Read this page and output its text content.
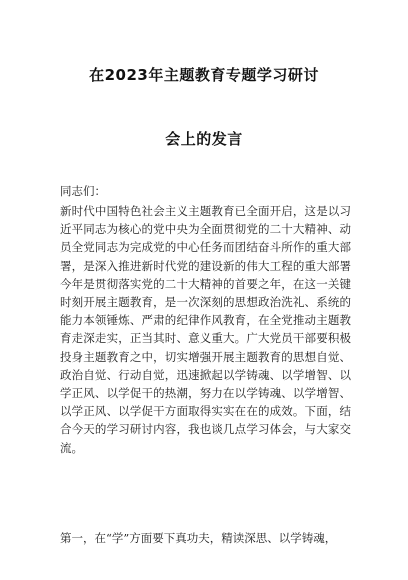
在2023年主题教育专题学习研讨
会上的发言
同志们：

新时代中国特色社会主义主题教育已全面开启，这是以习近平同志为核心的党中央为全面贯彻党的二十大精神、动员全党同志为完成党的中心任务而团结奋斗所作的重大部署，是深入推进新时代党的建设新的伟大工程的重大部署今年是贯彻落实党的二十大精神的首要之年，在这一关键时刻开展主题教育，是一次深刻的思想政治洗礼、系统的能力本领锤炼、严肃的纪律作风教育，在全党推动主题教育走深走实，正当其时、意义重大。广大党员干部要积极投身主题教育之中，切实增强开展主题教育的思想自觉、政治自觉、行动自觉，迅速掀起以学铸魂、以学增智、以学正风、以学促干的热潮，努力在以学铸魂、以学增智、以学正风、以学促干方面取得实实在在的成效。下面，结合今天的学习研讨内容，我也谈几点学习体会，与大家交流。

第一，在“学”方面要下真功夫，精读深思、以学铸魂，
